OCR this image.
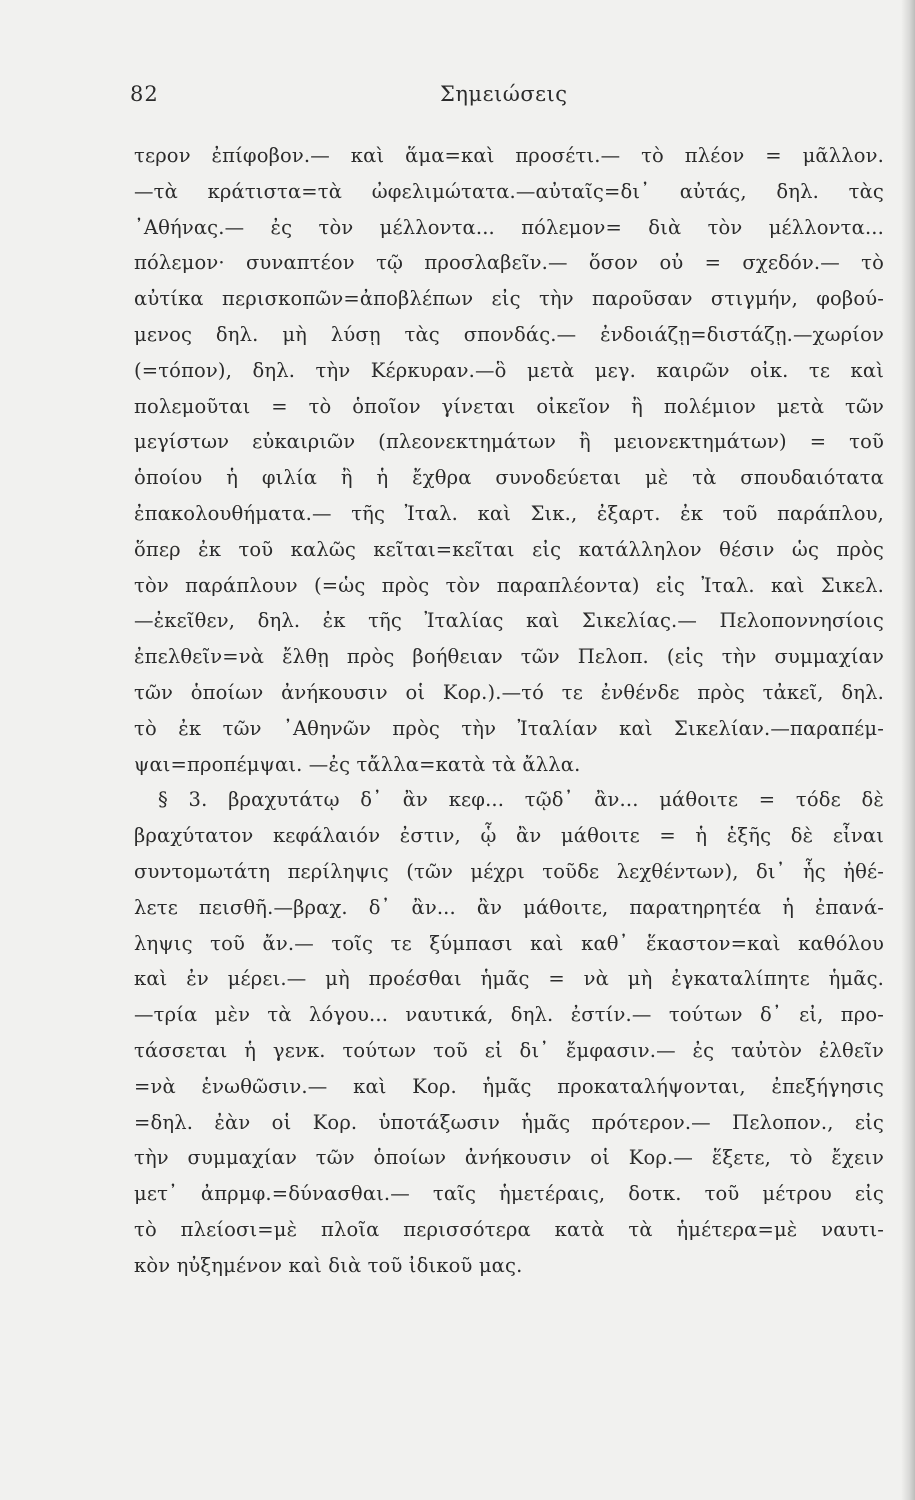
82	Σημειώσεις
τερον ἐπίφοβον.— καὶ ἅμα=καὶ προσέτι.— τὸ πλέον = μᾶλλον.
—τὰ κράτιστα=τὰ ὠφελιμώτατα.—αὐταῖς=δι᾽ αὐτάς, δηλ. τὰς
᾽Αθήνας.— ἐς τὸν μέλλοντα... πόλεμον= διὰ τὸν μέλλοντα...
πόλεμον· συναπτέον τῷ προσλαβεῖν.— ὅσον οὐ = σχεδόν.— τὸ
αὐτίκα περισκοπῶν=ἀποβλέπων εἰς τὴν παροῦσαν στιγμήν, φοβού-
μενος δηλ. μὴ λύσῃ τὰς σπονδάς.— ἐνδοιάζῃ=διστάζῃ.—χωρίον
(=τόπον), δηλ. τὴν Κέρκυραν.—ὃ μετὰ μεγ. καιρῶν οἰκ. τε καὶ
πολεμοῦται = τὸ ὁποῖον γίνεται οἰκεῖον ἢ πολέμιον μετὰ τῶν
μεγίστων εὐκαιριῶν (πλεονεκτημάτων ἢ μειονεκτημάτων) = τοῦ
ὁποίου ἡ φιλία ἢ ἡ ἔχθρα συνοδεύεται μὲ τὰ σπουδαιότατα
ἐπακολουθήματα.— τῆς Ἰταλ. καὶ Σικ., ἐξαρτ. ἐκ τοῦ παράπλου,
ὅπερ ἐκ τοῦ καλῶς κεῖται=κεῖται εἰς κατάλληλον θέσιν ὡς πρὸς
τὸν παράπλουν (=ὡς πρὸς τὸν παραπλέοντα) εἰς Ἰταλ. καὶ Σικελ.
—ἐκεῖθεν, δηλ. ἐκ τῆς Ἰταλίας καὶ Σικελίας.— Πελοποννησίοις
ἐπελθεῖν=νὰ ἔλθῃ πρὸς βοήθειαν τῶν Πελοπ. (εἰς τὴν συμμαχίαν
τῶν ὁποίων ἀνήκουσιν οἱ Κορ.).—τό τε ἐνθένδε πρὸς τἀκεῖ, δηλ.
τὸ ἐκ τῶν ᾽Αθηνῶν πρὸς τὴν Ἰταλίαν καὶ Σικελίαν.—παραπέμ-
ψαι=προπέμψαι. —ἐς τἄλλα=κατὰ τὰ ἄλλα.
§ 3. βραχυτάτῳ δ᾽ ἂν κεφ... τῷδ᾽ ἂν... μάθοιτε = τόδε δὲ
βραχύτατον κεφάλαιόν ἐστιν, ᾧ ἂν μάθοιτε = ἡ ἑξῆς δὲ εἶναι
συντομωτάτη περίληψις (τῶν μέχρι τοῦδε λεχθέντων), δι᾽ ἧς ἠθέ-
λετε πεισθῆ.—βραχ. δ᾽ ἂν... ἂν μάθοιτε, παρατηρητέα ἡ ἐπανά-
ληψις τοῦ ἄν.— τοῖς τε ξύμπασι καὶ καθ᾽ ἕκαστον=καὶ καθόλου
καὶ ἐν μέρει.— μὴ προέσθαι ἡμᾶς = νὰ μὴ ἐγκαταλίπητε ἡμᾶς.
—τρία μὲν τὰ λόγου... ναυτικά, δηλ. ἐστίν.— τούτων δ᾽ εἰ, προ-
τάσσεται ἡ γενκ. τούτων τοῦ εἰ δι᾽ ἔμφασιν.— ἐς ταὐτὸν ἐλθεῖν
=νὰ ἑνωθῶσιν.— καὶ Κορ. ἡμᾶς προκαταλήψονται, ἐπεξήγησις
=δηλ. ἐὰν οἱ Κορ. ὑποτάξωσιν ἡμᾶς πρότερον.— Πελοπον., εἰς
τὴν συμμαχίαν τῶν ὁποίων ἀνήκουσιν οἱ Κορ.— ἕξετε, τὸ ἔχειν
μετ᾽ ἀπρμφ.=δύνασθαι.— ταῖς ἡμετέραις, δοτκ. τοῦ μέτρου εἰς
τὸ πλείοσι=μὲ πλοῖα περισσότερα κατὰ τὰ ἡμέτερα=μὲ ναυτι-
κὸν ηὐξημένον καὶ διὰ τοῦ ἰδικοῦ μας.
